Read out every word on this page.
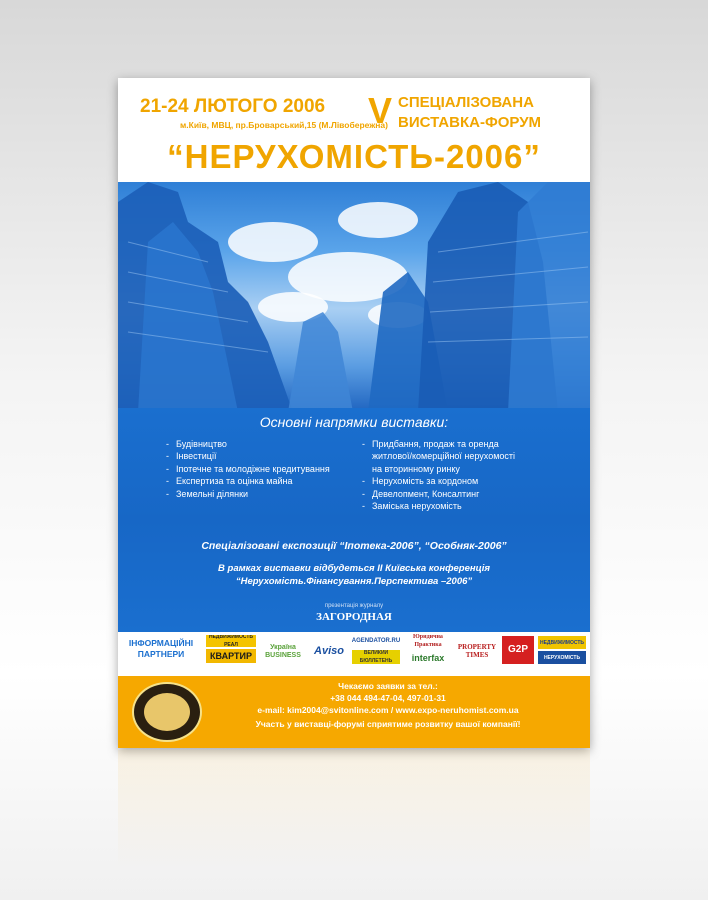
21-24 ЛЮТОГО 2006
м.Київ, МВЦ, пр.Броварський,15 (М.Лівобережна)
V СПЕЦІАЛІЗОВАНА
ВИСТАВКА-ФОРУМ
“НЕРУХОМІСТЬ-2006”
Основні напрямки виставки:
- Будівництво
- Інвестиції
- Іпотечне та молодіжне кредитування
- Експертиза та оцінка майна
- Земельні ділянки
- Придбання, продаж та оренда
житлової/комерційної нерухомості
на вторинному ринку
- Нерухомість за кордоном
- Девелопмент, Консалтинг
- Заміська нерухомість
Спеціалізовані експозиції “Іпотека-2006”, “Особняк-2006”
В рамках виставки відбудеться ІІ Київська конференція
“Нерухомість.Фінансування.Перспектива –2006”
презентація журналу
ЗАГОРОДНАЯ
ІНФОРМАЦІЙНІ
ПАРТНЕРИ
НЕДВИЖИМОСТЬ РЕАЛ
КВАРТИР
Україна BUSINESS	Aviso
AGENDATOR.RU
ВЕЛИКИЙ БЮЛЛЕТЕНЬ
Юридична Практика
interfax
PROPERTY TIMES	G2P
НЕДВИЖИМОСТЬ
НЕРУХОМІСТЬ
Чекаємо заявки за тел.:
+38 044 494-47-04, 497-01-31
e-mail: kim2004@svitonline.com / www.expo-neruhomist.com.ua
Участь у виставці-форумі сприятиме розвитку вашої компанії!
